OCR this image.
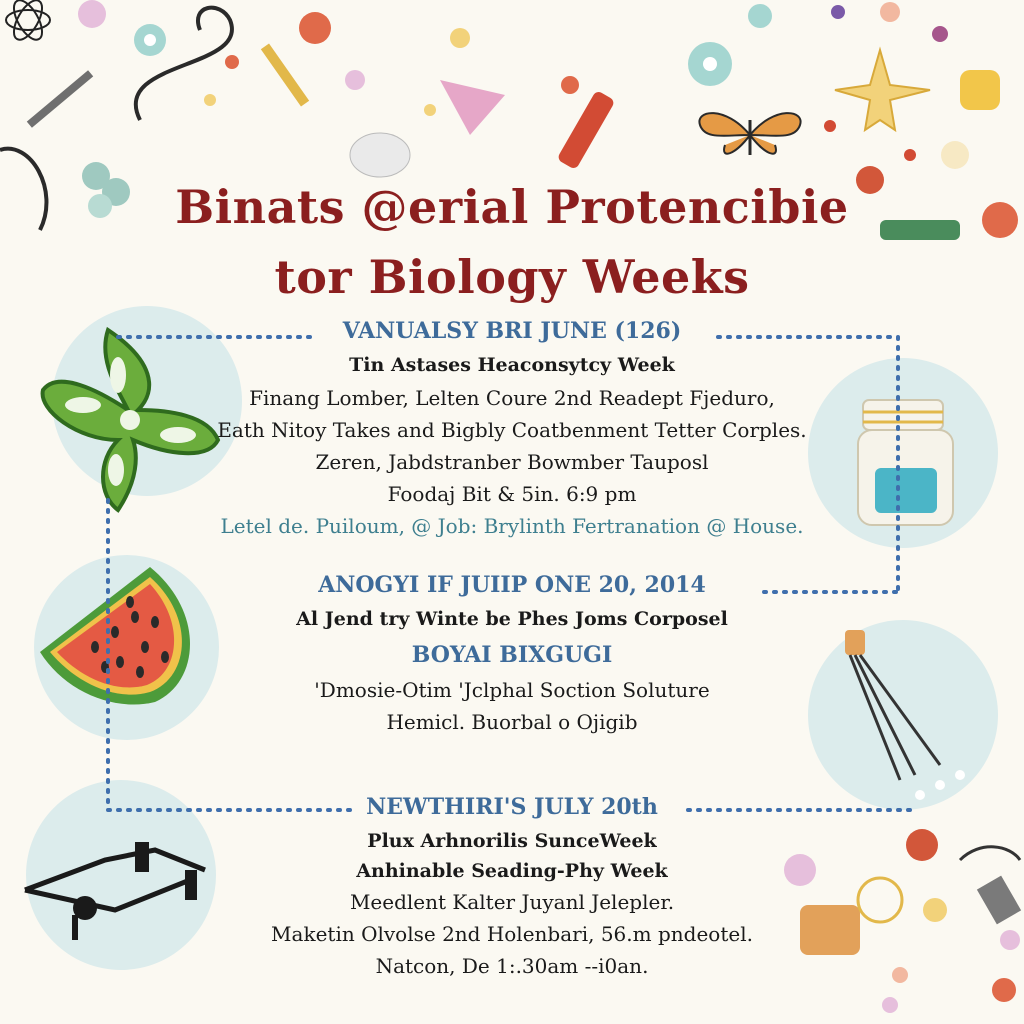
Binats @erial Protencibie
tor Biology Weeks
VANUALSY BRI JUNE (126)
Tin Astases Heaconsytcy Week
Finang Lomber, Lelten Coure 2nd Readept Fjeduro,
Eath Nitoy Takes and Bigbly Coatbenment Tetter Corples.
Zeren, Jabdstranber Bowmber Tauposl
Foodaj Bit & 5in. 6:9 pm
Letel de. Puiloum, @ Job: Brylinth Fertranation @ House.
ANOGYI IF JUIIP ONE 20, 2014
Al Jend try Winte be Phes Joms Corposel
BOYAI BIXGUGI
'Dmosie-Otim 'Jclphal Soction Soluture
Hemicl. Buorbal o Ojigib
NEWTHIRI'S JULY 20th
Plux Arhnorilis SunceWeek
Anhinable Seading-Phy Week
Meedlent Kalter Juyanl Jelepler.
Maketin Olvolse 2nd Holenbari, 56.m pndeotel.
Natcon, De 1:.30am --i0an.
